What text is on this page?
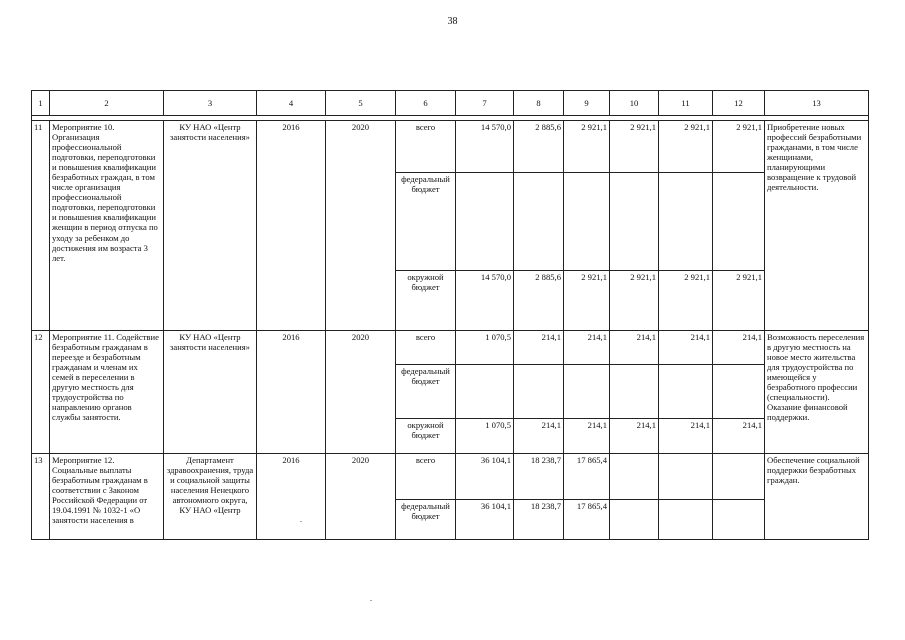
38
1	2	3	4	5	6	7	8	9	10	11	12	13

11	Мероприятие 10. Организация профессиональной подготовки, переподготовки и повышения квалификации безработных граждан, в том числе организация профессиональной подготовки, переподготовки и повышения квалификации женщин в период отпуска по уходу за ребенком до достижения им возраста 3 лет.	КУ НАО «Центр занятости населения»	2016	2020	всего	14 570,0	2 885,6	2 921,1	2 921,1	2 921,1	2 921,1	Приобретение новых профессий безработными гражданами, в том числе женщинами, планирующими возвращение к трудовой деятельности.
					федеральный бюджет							
					окружной бюджет	14 570,0	2 885,6	2 921,1	2 921,1	2 921,1	2 921,1	
12	Мероприятие 11. Содействие безработным гражданам в переезде и безработным гражданам и членам их семей в переселении в другую местность для трудоустройства по направлению органов службы занятости.	КУ НАО «Центр занятости населения»	2016	2020	всего	1 070,5	214,1	214,1	214,1	214,1	214,1	Возможность переселения в другую местность на новое место жительства для трудоустройства по имеющейся у безработного профессии (специальности). Оказание финансовой поддержки.
					федеральный бюджет							
					окружной бюджет	1 070,5	214,1	214,1	214,1	214,1	214,1	
13	Мероприятие 12. Социальные выплаты безработным гражданам в соответствии с Законом Российской Федерации от 19.04.1991 № 1032-1 «О занятости населения в	Департамент здравоохранения, труда и социальной защиты населения Ненецкого автономного округа, КУ НАО «Центр	2016	2020	всего	36 104,1	18 238,7	17 865,4				Обеспечение социальной поддержки безработных граждан.
					федеральный бюджет	36 104,1	18 238,7	17 865,4				
